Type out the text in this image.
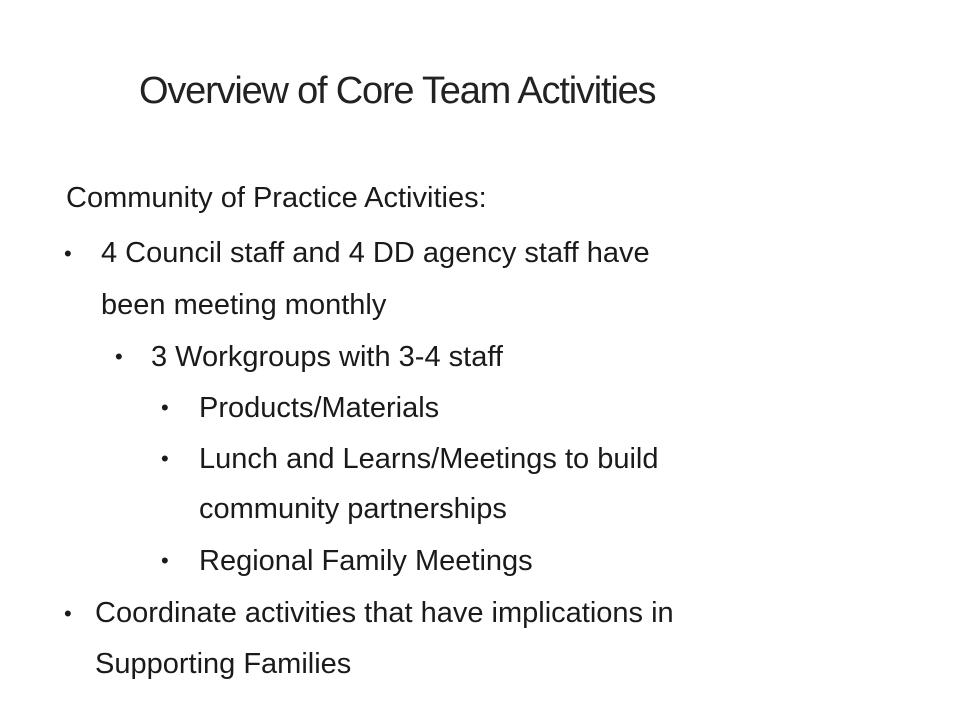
Overview of Core Team Activities
Community of Practice Activities:
• 4 Council staff and 4 DD agency staff have
been meeting monthly
• 3 Workgroups with 3-4 staff
• Products/Materials
• Lunch and Learns/Meetings to build
community partnerships
• Regional Family Meetings
• Coordinate activities that have implications in
Supporting Families
